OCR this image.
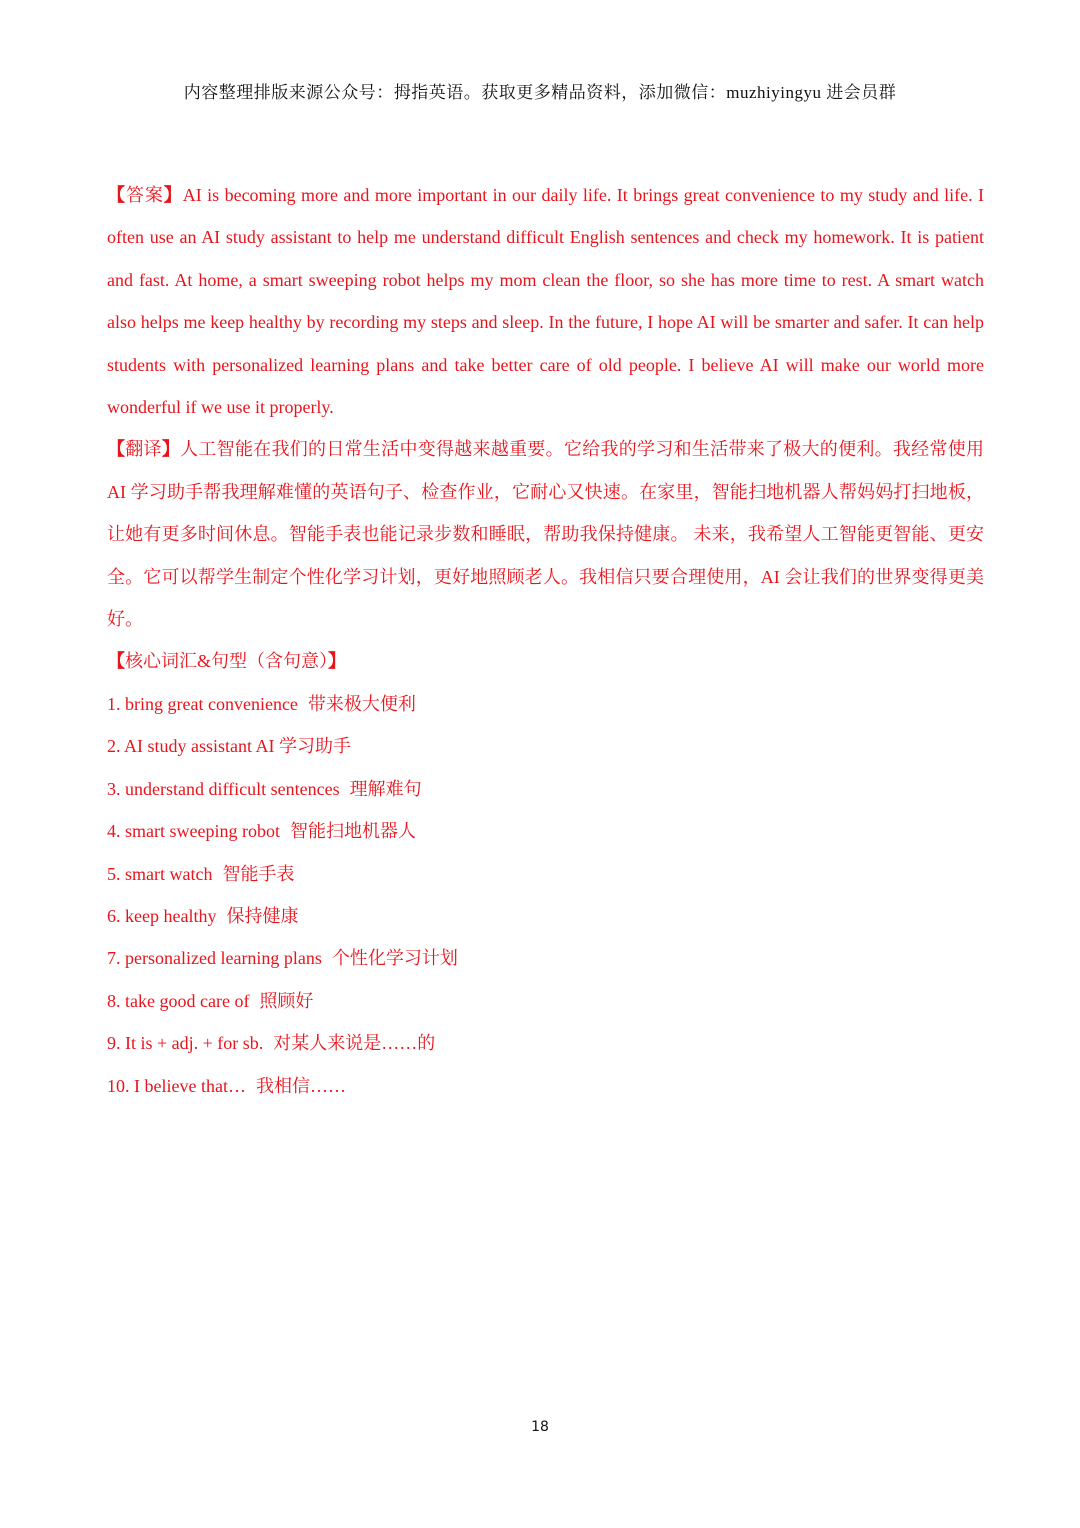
内容整理排版来源公众号：拇指英语。获取更多精品资料，添加微信：muzhiyingyu 进会员群

【答案】AI is becoming more and more important in our daily life. It brings great convenience to my study and life. I often use an AI study assistant to help me understand difficult English sentences and check my homework. It is patient and fast. At home, a smart sweeping robot helps my mom clean the floor, so she has more time to rest. A smart watch also helps me keep healthy by recording my steps and sleep. In the future, I hope AI will be smarter and safer. It can help students with personalized learning plans and take better care of old people. I believe AI will make our world more wonderful if we use it properly.

【翻译】人工智能在我们的日常生活中变得越来越重要。它给我的学习和生活带来了极大的便利。我经常使用 AI 学习助手帮我理解难懂的英语句子、检查作业，它耐心又快速。在家里，智能扫地机器人帮妈妈打扫地板，让她有更多时间休息。智能手表也能记录步数和睡眠，帮助我保持健康。 未来，我希望人工智能更智能、更安全。它可以帮学生制定个性化学习计划，更好地照顾老人。我相信只要合理使用，AI 会让我们的世界变得更美好。

【核心词汇&句型（含句意）】

1. bring great convenience 带来极大便利
2. AI study assistant AI 学习助手
3. understand difficult sentences 理解难句
4. smart sweeping robot 智能扫地机器人
5. smart watch 智能手表
6. keep healthy 保持健康
7. personalized learning plans 个性化学习计划
8. take good care of 照顾好
9. It is + adj. + for sb. 对某人来说是……的
10. I believe that… 我相信……
18
